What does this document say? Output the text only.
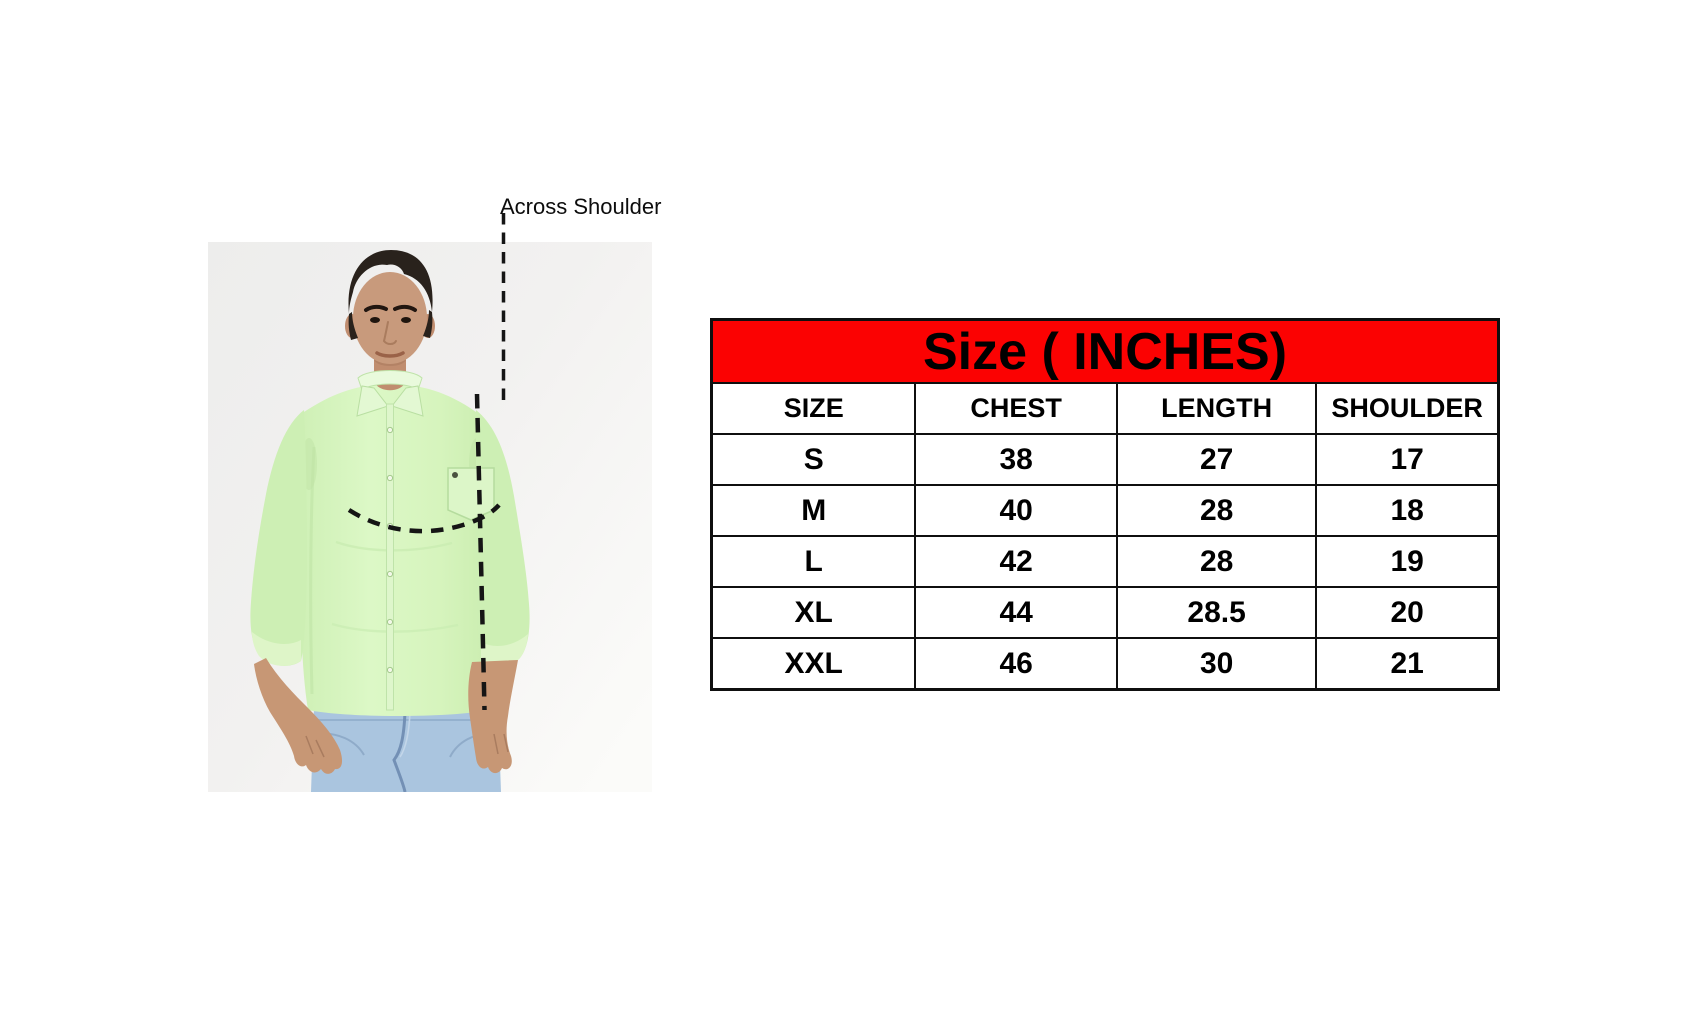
Across Shoulder
Size ( INCHES)
SIZE	CHEST	LENGTH	SHOULDER
S	38	27	17
M	40	28	18
L	42	28	19
XL	44	28.5	20
XXL	46	30	21
